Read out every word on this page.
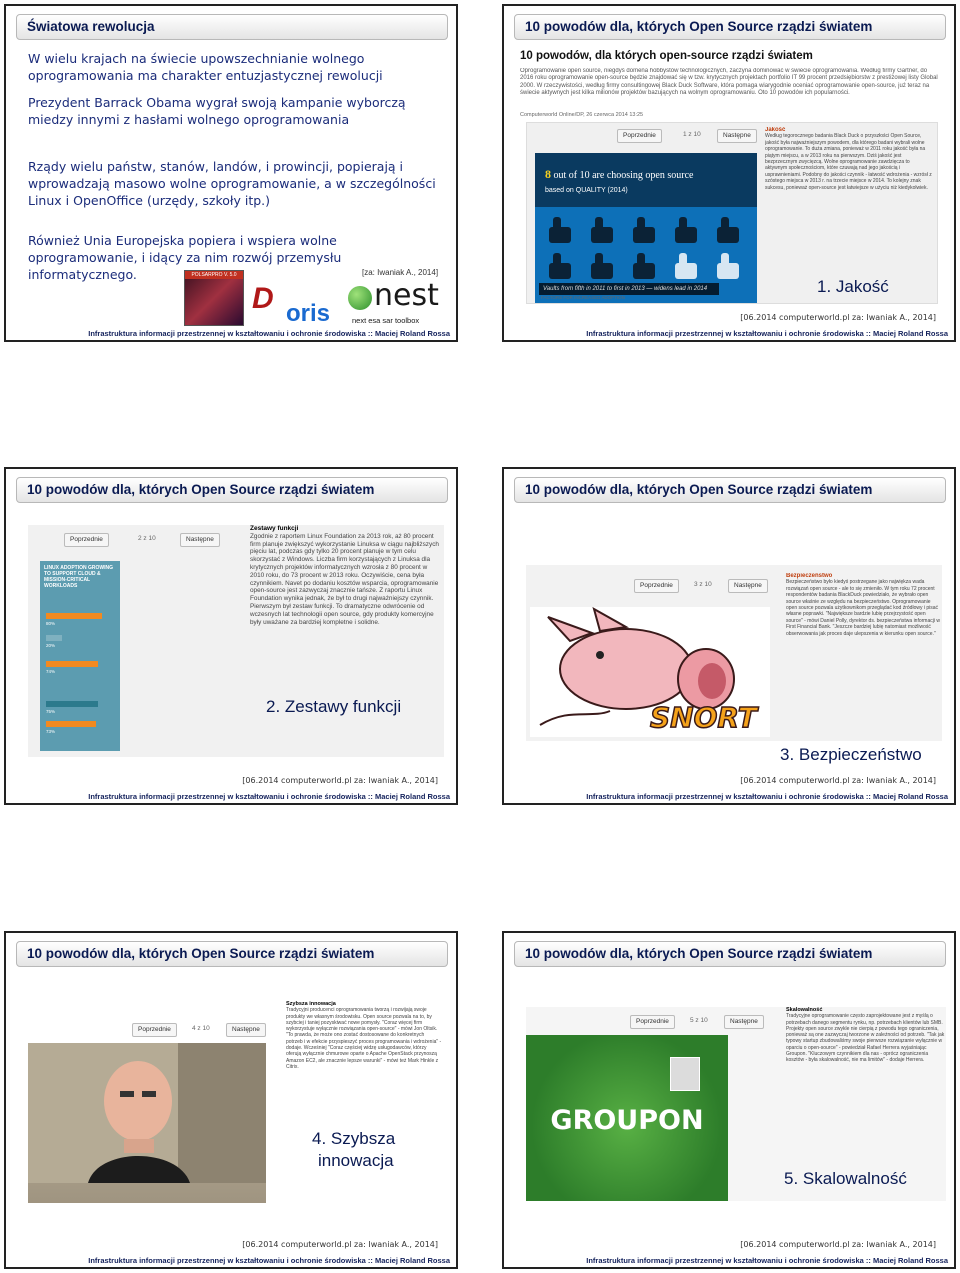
Światowa rewolucja
W wielu krajach na świecie upowszechnianie wolnego oprogramowania ma charakter entuzjastycznej rewolucji
Prezydent Barrack Obama wygrał swoją kampanie wyborczą miedzy innymi z hasłami wolnego oprogramowania
Rządy wielu państw, stanów, landów, i prowincji, popierają i wprowadzają masowo wolne oprogramowanie, a w szczególności Linux i OpenOffice (urzędy, szkoły itp.)
Również Unia Europejska popiera i wspiera wolne oprogramowanie, i idący za nim rozwój przemysłu informatycznego.	[za: Iwaniak A., 2014]
POLSARPRO V. 5.0
D oris
nest
next esa sar toolbox
Infrastruktura informacji przestrzennej w kształtowaniu i ochronie środowiska :: Maciej Roland Rossa
10 powodów dla, których Open Source rządzi światem
10 powodów, dla których open-source rządzi światem
Oprogramowanie open source, niegdyś domena hobbystów technologicznych, zaczyna dominować w świecie oprogramowania. Według firmy Gartner, do 2016 roku oprogramowanie open-source będzie znajdować się w tzw. krytycznych projektach portfolio IT 99 procent przedsiębiorstw z prestiżowej listy Global 2000. W rzeczywistości, według firmy consultingowej Black Duck Software, która pomaga wiarygodnie oceniać oprogramowanie open-source, już teraz na świecie aktywnych jest kilka milionów projektów bazujących na wolnym oprogramowaniu. Oto 10 powodów ich popularności.
Computerworld Online/DP, 26 czerwca 2014 13:25
Poprzednie	1 z 10	Następne
8 out of 10 are choosing open source
based on QUALITY (2014)
Vaults from fifth in 2011 to first in 2013 — widens lead in 2014
FACTORS FOR INCREASED ADOPTION
Jakość
Według tegorocznego badania Black Duck o przyszłości Open Source, jakość była najważniejszym powodem, dla którego badani wybrali wolne oprogramowanie. To duża zmiana, ponieważ w 2011 roku jakość była na piątym miejscu, a w 2013 roku na pierwszym. Dziś jakość jest bezprzecznym zwycięzcą. Wolne oprogramowanie zawdzięcza to aktywnym społecznościom, które czuwają nad jego jakością i usprawnieniami. Podobny do jakości czynnik - łatwość wdrożenia - wzrósł z szóstego miejsca w 2013 r. na trzecie miejsce w 2014. To kolejny znak sukcesu, ponieważ open-source jest łatwiejsze w użyciu niż kiedykolwiek.
1. Jakość
[06.2014 computerworld.pl za: Iwaniak A., 2014]
Infrastruktura informacji przestrzennej w kształtowaniu i ochronie środowiska :: Maciej Roland Rossa
10 powodów dla, których Open Source rządzi światem
Poprzednie	2 z 10	Następne
LINUX ADOPTION GROWING TO SUPPORT CLOUD & MISSION-CRITICAL WORKLOADS
80%
20%
74%
75%
73%
Zestawy funkcji
Zgodnie z raportem Linux Foundation za 2013 rok, aż 80 procent firm planuje zwiększyć wykorzystanie Linuksa w ciągu najbliższych pięciu lat, podczas gdy tylko 20 procent planuje w tym celu skorzystać z Windows. Liczba firm korzystających z Linuksa dla krytycznych projektów informatycznych wzrosła z 80 procent w 2010 roku, do 73 procent w 2013 roku. Oczywiście, cena była czynnikiem. Navet po dodaniu kosztów wsparcia, oprogramowanie open-source jest zazwyczaj znacznie tańsze. Z raportu Linux Foundation wynika jednak, że był to drugi najważniejszy czynnik. Pierwszym był zestaw funkcji. To dramatyczne odwrócenie od wczesnych lat technologii open source, gdy produkty komercyjne były uważane za bardziej kompletne i solidne.
2. Zestawy funkcji
[06.2014 computerworld.pl za: Iwaniak A., 2014]
Infrastruktura informacji przestrzennej w kształtowaniu i ochronie środowiska :: Maciej Roland Rossa
10 powodów dla, których Open Source rządzi światem
Poprzednie	3 z 10	Następne
SNORT
Bezpieczeństwo
Bezpieczeństwo było kiedyś postrzegane jako najwiękza wada rozwiązań open source - ale to się zmieniło. W tym roku 72 procent respondentów badania BlackDuck powiedziało, że wybrało open source właśnie ze względu na bezpieczeństwo. Oprogramowanie open source pozwala użytkownikom przeglądać kod źródłowy i pisać własne poprawki. "Największe bardzie lubię przejrzystość open source" - mówi Daniel Polly, dyrektor ds. bezpieczeństwa informacji w First Financial Bank. "Jeszcze bardziej lubię natomiast możliwość obserwowania jak proces daje ulepszenia w kierunku open source."
3. Bezpieczeństwo
[06.2014 computerworld.pl za: Iwaniak A., 2014]
Infrastruktura informacji przestrzennej w kształtowaniu i ochronie środowiska :: Maciej Roland Rossa
10 powodów dla, których Open Source rządzi światem
Poprzednie	4 z 10	Następne
Szybsza innowacja
Tradycyjni producenci oprogramowania tworzą i rozwijają swoje produkty we własnym środowisku. Open source pozwala na to, by szybciej i taniej pozyskiwać nowe pomysły. "Coraz więcej firm wykorzystuje wyłącznie rozwiązania open-source" - mówi Jon Oltsik. "To prawda, że może ono zostać dostosowane do konkretnych potrzeb i w efekcie przyspieszyć proces programowania i wdrożenia" - dodaje. Wcześniej "Coraz częściej widzę usługodawców, którzy oferują wyłącznie chmurowe oparte o Apache OpenStack przynoszą Amazon EC2, ale znacznie lepsze warunki" - mówi też Mark Hinkle z Citrix.
4. Szybsza
innowacja
[06.2014 computerworld.pl za: Iwaniak A., 2014]
Infrastruktura informacji przestrzennej w kształtowaniu i ochronie środowiska :: Maciej Roland Rossa
10 powodów dla, których Open Source rządzi światem
Poprzednie	5 z 10	Następne
GROUPON
Skalowalność
Tradycyjne oprogramowanie często zaprojektowane jest z myślą o potrzebach danego segmentu rynku, np. potrzebach klientów lub SMB. Projekty open source zwykle nie cierpią z powodu tego ograniczenia, ponieważ są one zazwyczaj tworzone w zależności od potrzeb. "Tak jak typowy startup zbudowaliśmy swoje pierwsze rozwiązanie wyłącznie w oparciu o open-source" - powiedział Rafael Herrera wyjaśniając Groupon. "Kluczowym czynnikiem dla nas - oprócz ograniczenia kosztów - była skalowalność, nie ma limitów" - dodaje Herrera.
5. Skalowalność
[06.2014 computerworld.pl za: Iwaniak A., 2014]
Infrastruktura informacji przestrzennej w kształtowaniu i ochronie środowiska :: Maciej Roland Rossa
